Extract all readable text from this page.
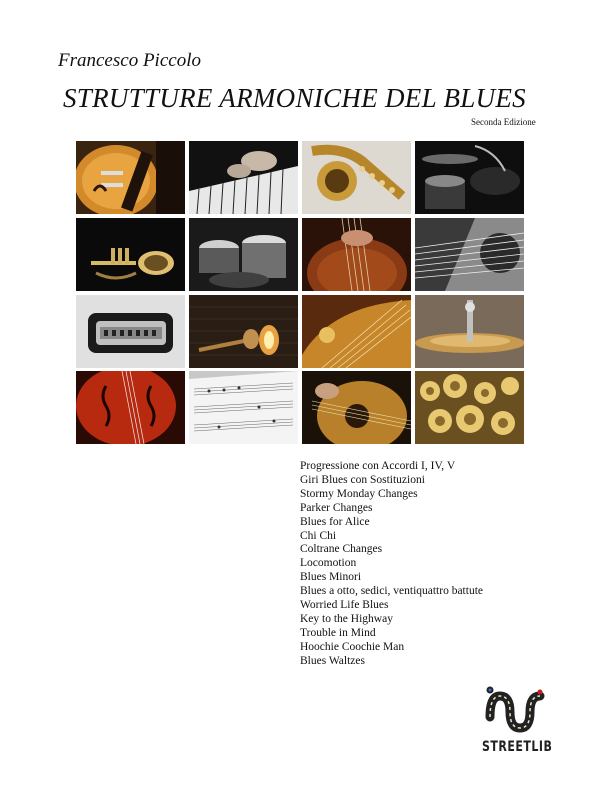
Francesco Piccolo
STRUTTURE ARMONICHE DEL BLUES
Seconda Edizione
Progressione con Accordi I, IV, V
Giri Blues con Sostituzioni
Stormy Monday Changes
Parker Changes
Blues for Alice
Chi Chi
Coltrane Changes
Locomotion
Blues Minori
Blues a otto, sedici, ventiquattro battute
Worried Life Blues
Key to the Highway
Trouble in Mind
Hoochie Coochie Man
Blues Waltzes
STREETLIB
